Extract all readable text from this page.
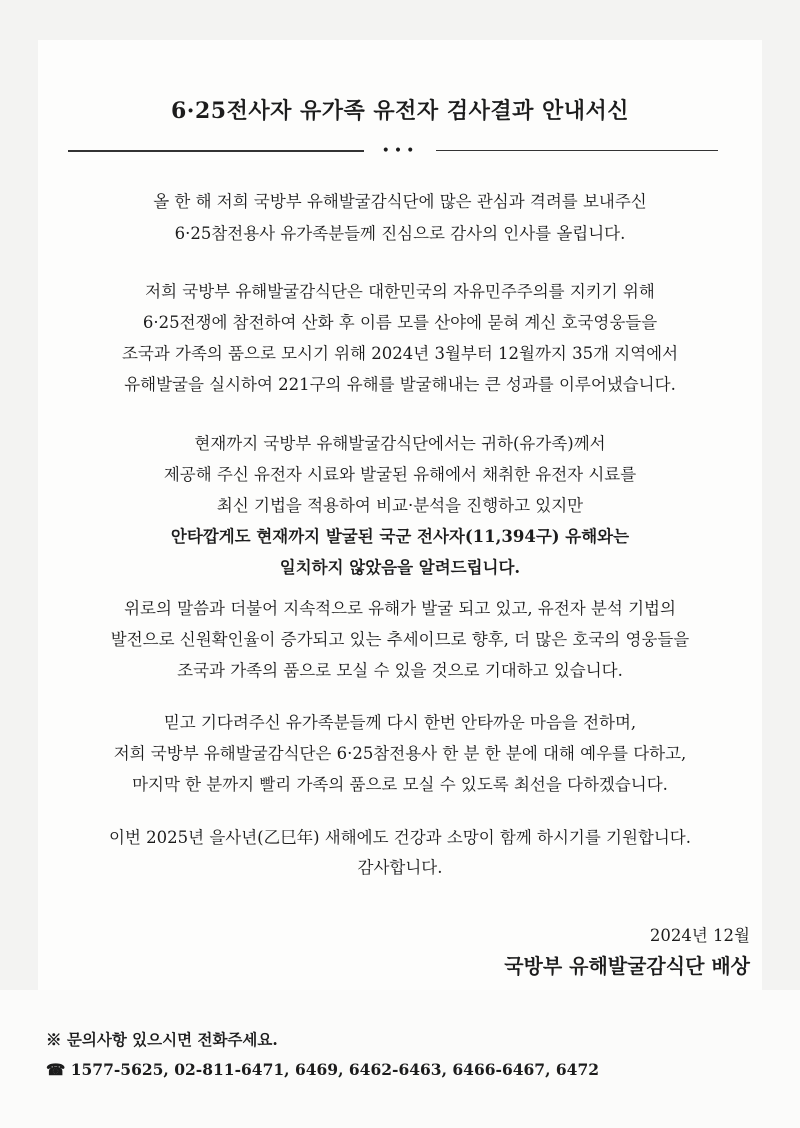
6·25전사자 유가족 유전자 검사결과 안내서신
•••
올 한 해 저희 국방부 유해발굴감식단에 많은 관심과 격려를 보내주신
6·25참전용사 유가족분들께 진심으로 감사의 인사를 올립니다.
저희 국방부 유해발굴감식단은 대한민국의 자유민주주의를 지키기 위해
6·25전쟁에 참전하여 산화 후 이름 모를 산야에 묻혀 계신 호국영웅들을
조국과 가족의 품으로 모시기 위해 2024년 3월부터 12월까지 35개 지역에서
유해발굴을 실시하여 221구의 유해를 발굴해내는 큰 성과를 이루어냈습니다.
현재까지 국방부 유해발굴감식단에서는 귀하(유가족)께서
제공해 주신 유전자 시료와 발굴된 유해에서 채취한 유전자 시료를
최신 기법을 적용하여 비교·분석을 진행하고 있지만
안타깝게도 현재까지 발굴된 국군 전사자(11,394구) 유해와는
일치하지 않았음을 알려드립니다.
위로의 말씀과 더불어 지속적으로 유해가 발굴 되고 있고, 유전자 분석 기법의
발전으로 신원확인율이 증가되고 있는 추세이므로 향후, 더 많은 호국의 영웅들을
조국과 가족의 품으로 모실 수 있을 것으로 기대하고 있습니다.
믿고 기다려주신 유가족분들께 다시 한번 안타까운 마음을 전하며,
저희 국방부 유해발굴감식단은 6·25참전용사 한 분 한 분에 대해 예우를 다하고,
마지막 한 분까지 빨리 가족의 품으로 모실 수 있도록 최선을 다하겠습니다.
이번 2025년 을사년(乙巳年) 새해에도 건강과 소망이 함께 하시기를 기원합니다.
감사합니다.
2024년 12월
국방부 유해발굴감식단 배상
※ 문의사항 있으시면 전화주세요.
☎ 1577-5625, 02-811-6471, 6469, 6462-6463, 6466-6467, 6472
